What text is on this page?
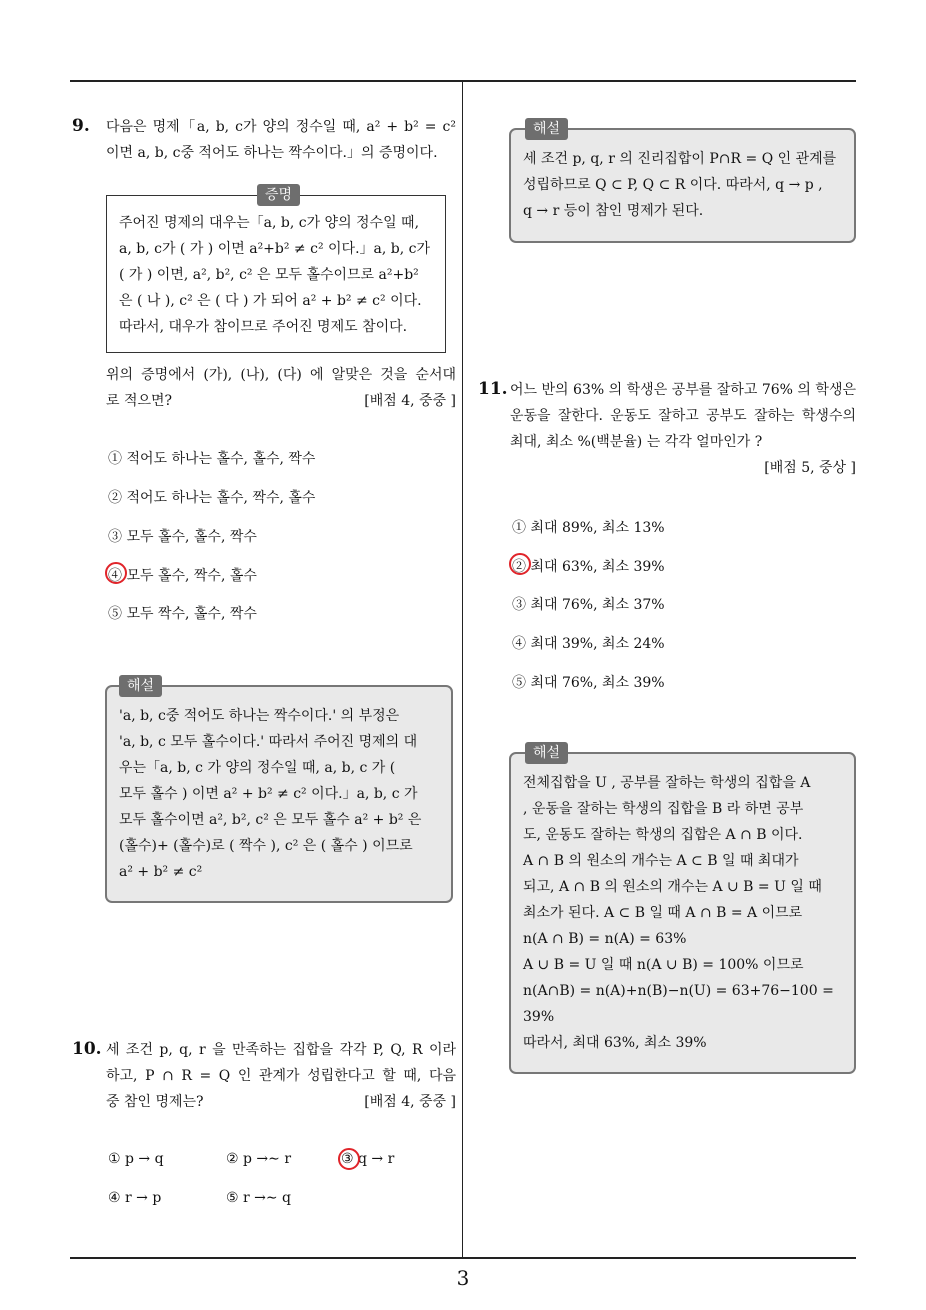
9. 다음은 명제「a, b, c가 양의 정수일 때, a² + b² = c²
이면 a, b, c중 적어도 하나는 짝수이다.」의 증명이다.
증명
주어진 명제의 대우는「a, b, c가 양의 정수일 때,
a, b, c가 ( 가 ) 이면 a²+b² ≠ c² 이다.」a, b, c가
( 가 ) 이면, a², b², c² 은 모두 홀수이므로 a²+b²
은 ( 나 ), c² 은 ( 다 ) 가 되어 a² + b² ≠ c² 이다.
따라서, 대우가 참이므로 주어진 명제도 참이다.
위의 증명에서 (가), (나), (다) 에 알맞은 것을 순서대
로 적으면?	[배점 4, 중중 ]
① 적어도 하나는 홀수, 홀수, 짝수
② 적어도 하나는 홀수, 짝수, 홀수
③ 모두 홀수, 홀수, 짝수
④ 모두 홀수, 짝수, 홀수
⑤ 모두 짝수, 홀수, 짝수
해설
'a, b, c중 적어도 하나는 짝수이다.' 의 부정은
'a, b, c 모두 홀수이다.' 따라서 주어진 명제의 대
우는「a, b, c 가 양의 정수일 때, a, b, c 가 (
모두 홀수 ) 이면 a² + b² ≠ c² 이다.」a, b, c 가
모두 홀수이면 a², b², c² 은 모두 홀수 a² + b² 은
(홀수)+ (홀수)로 ( 짝수 ), c² 은 ( 홀수 ) 이므로
a² + b² ≠ c²
10. 세 조건 p, q, r 을 만족하는 집합을 각각 P, Q, R 이라
하고, P ∩ R = Q 인 관계가 성립한다고 할 때, 다음
중 참인 명제는?	[배점 4, 중중 ]
① p → q	② p →∼ r	③ q → r
④ r → p	⑤ r →∼ q
해설
세 조건 p, q, r 의 진리집합이 P∩R = Q 인 관계를
성립하므로 Q ⊂ P, Q ⊂ R 이다. 따라서, q → p ,
q → r 등이 참인 명제가 된다.
11. 어느 반의 63% 의 학생은 공부를 잘하고 76% 의 학생은
운동을 잘한다. 운동도 잘하고 공부도 잘하는 학생수의
최대, 최소 %(백분율) 는 각각 얼마인가 ?
[배점 5, 중상 ]
① 최대 89%, 최소 13%
② 최대 63%, 최소 39%
③ 최대 76%, 최소 37%
④ 최대 39%, 최소 24%
⑤ 최대 76%, 최소 39%
해설
전체집합을 U , 공부를 잘하는 학생의 집합을 A
, 운동을 잘하는 학생의 집합을 B 라 하면 공부
도, 운동도 잘하는 학생의 집합은 A ∩ B 이다.
A ∩ B 의 원소의 개수는 A ⊂ B 일 때 최대가
되고, A ∩ B 의 원소의 개수는 A ∪ B = U 일 때
최소가 된다. A ⊂ B 일 때 A ∩ B = A 이므로
n(A ∩ B) = n(A) = 63%
A ∪ B = U 일 때 n(A ∪ B) = 100% 이므로
n(A∩B) = n(A)+n(B)−n(U) = 63+76−100 =
39%
따라서, 최대 63%, 최소 39%
3
